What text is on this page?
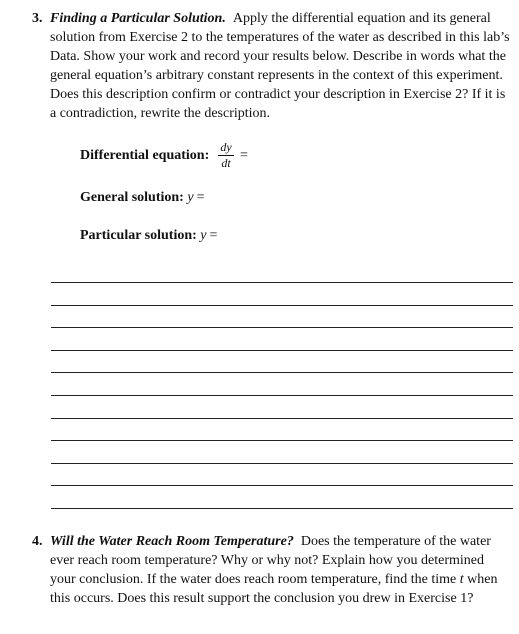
3. Finding a Particular Solution. Apply the differential equation and its general solution from Exercise 2 to the temperatures of the water as described in this lab’s Data. Show your work and record your results below. Describe in words what the general equation’s arbitrary constant represents in the context of this experiment. Does this description confirm or contradict your description in Exercise 2? If it is a contradiction, rewrite the description.
Differential equation: $\frac{dy}{dt}$ =
General solution: y =
Particular solution: y =
4. Will the Water Reach Room Temperature? Does the temperature of the water ever reach room temperature? Why or why not? Explain how you determined your conclusion. If the water does reach room temperature, find the time t when this occurs. Does this result support the conclusion you drew in Exercise 1?
